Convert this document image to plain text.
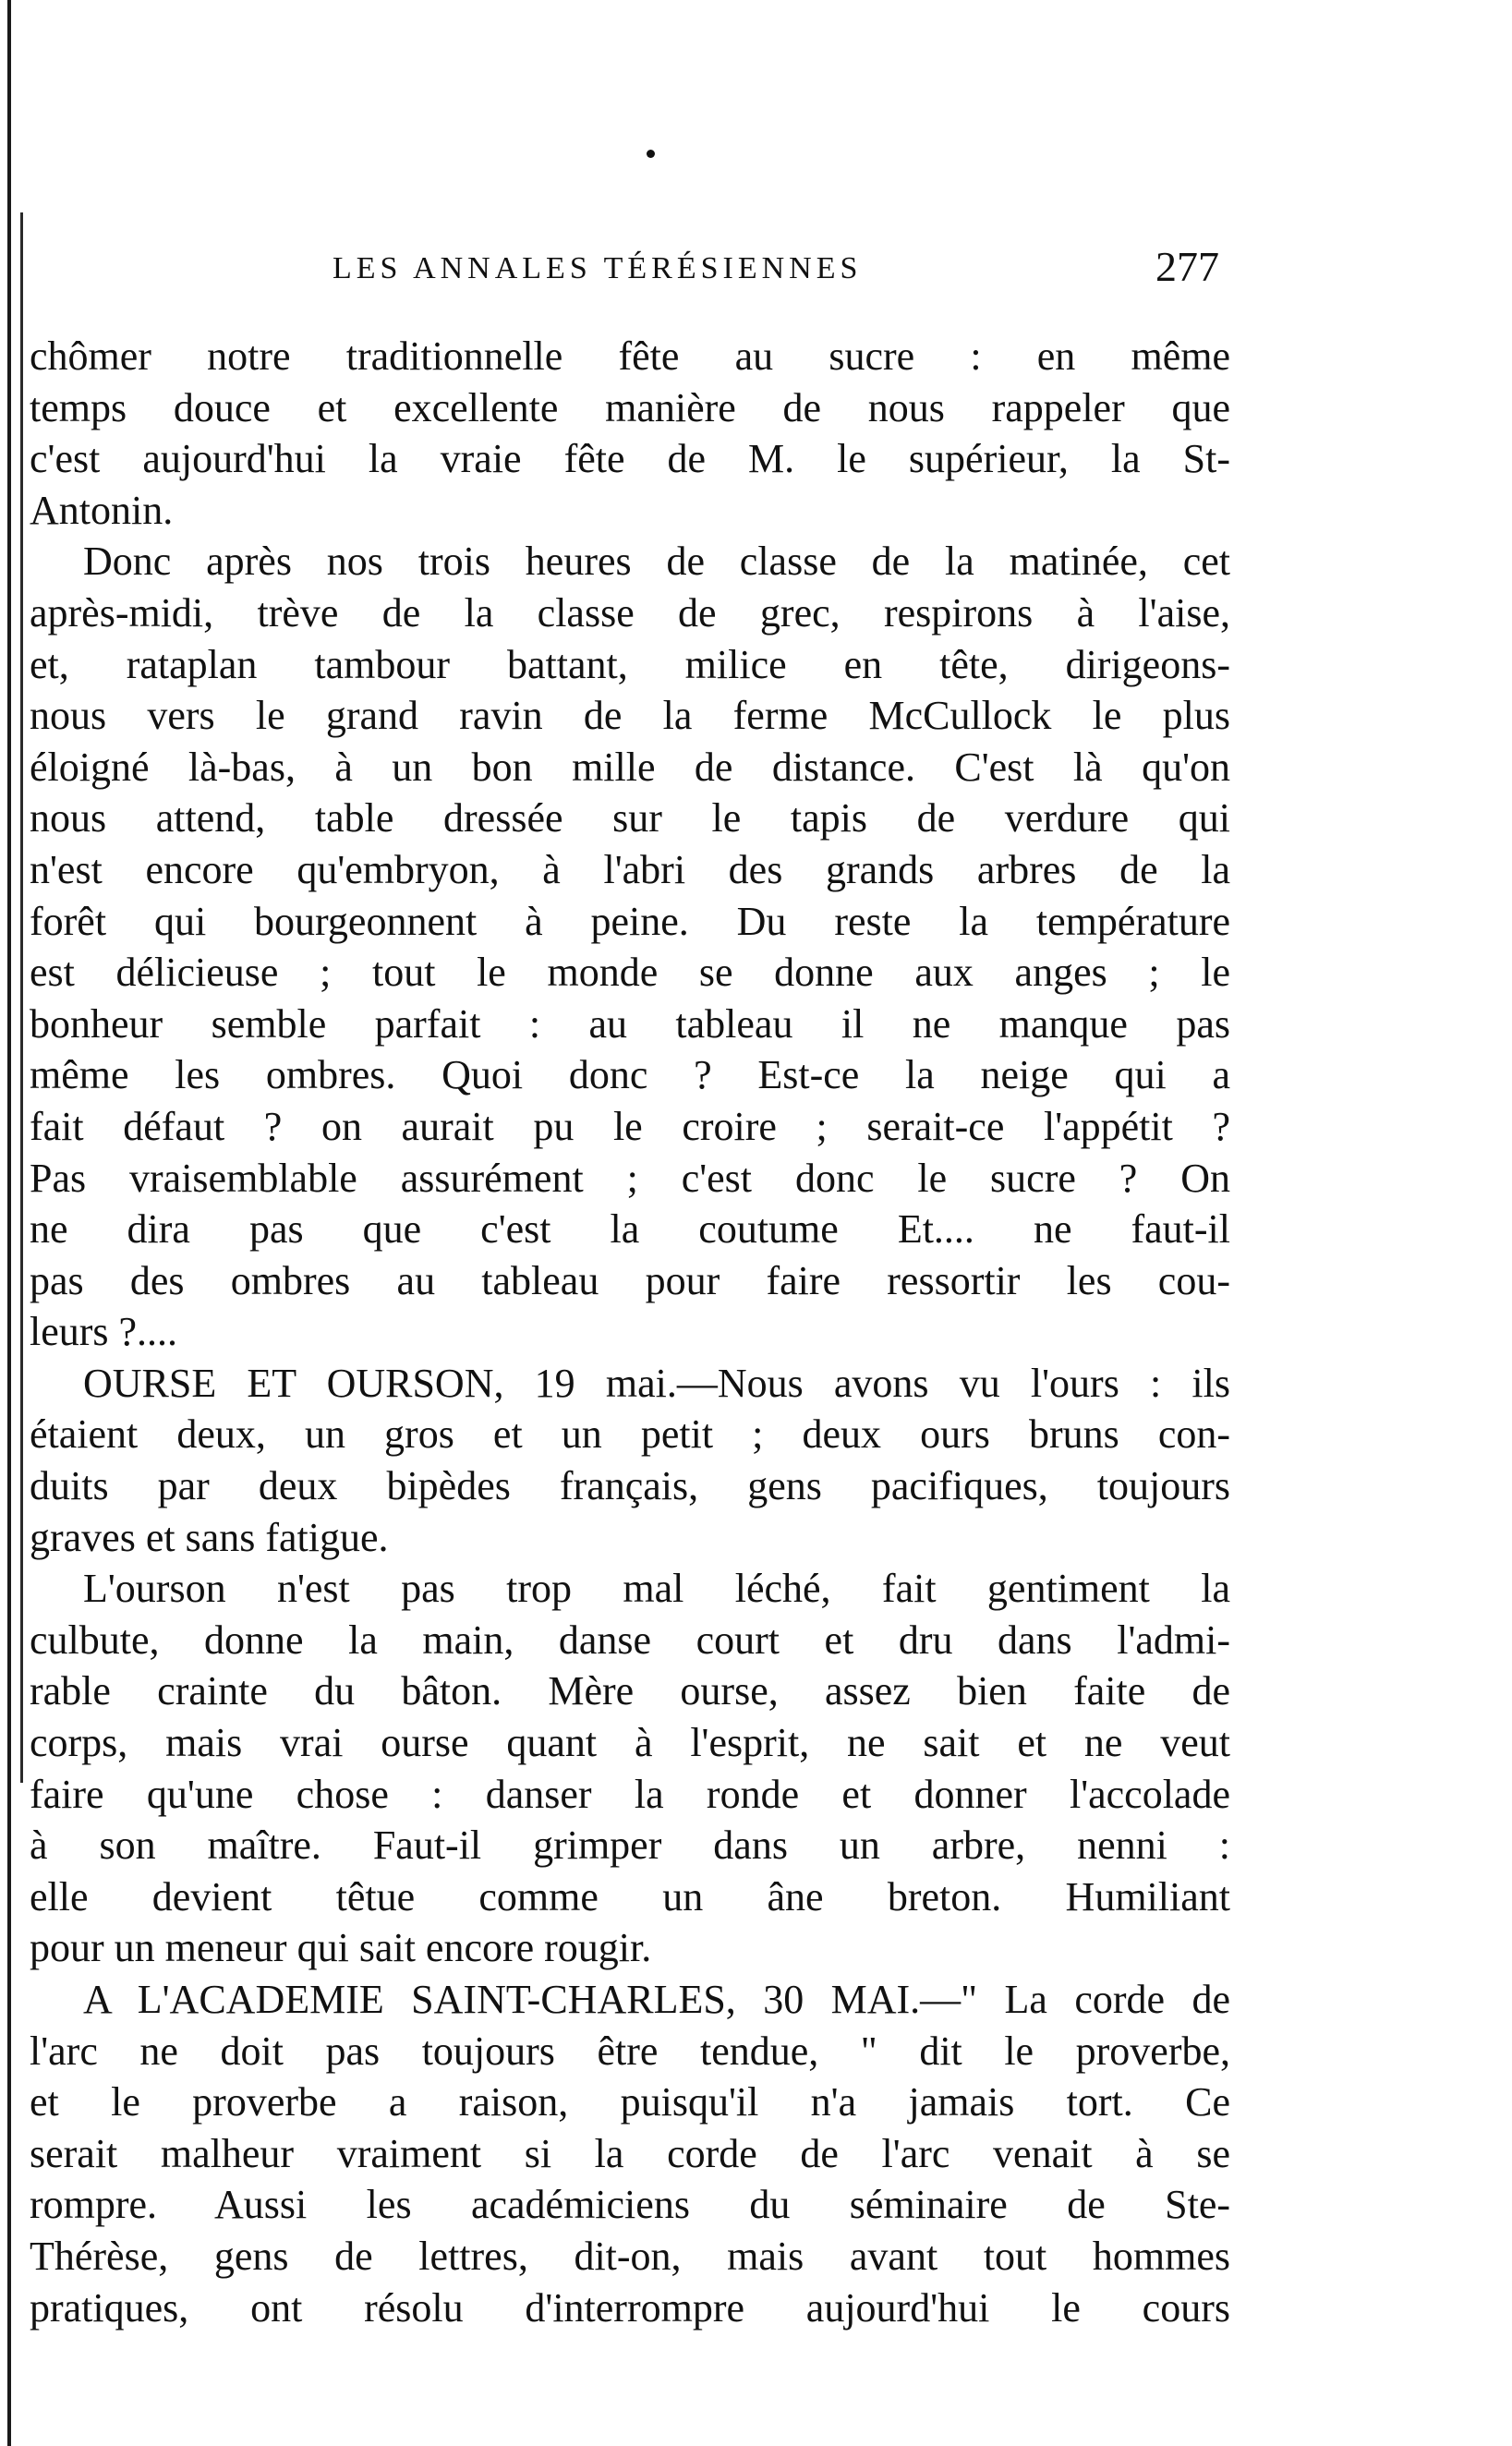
LES ANNALES TÉRÉSIENNES	277
chômer notre traditionnelle fête au sucre : en même
temps douce et excellente manière de nous rappeler que
c'est aujourd'hui la vraie fête de M. le supérieur, la St-
Antonin.
Donc après nos trois heures de classe de la matinée, cet
après-midi, trève de la classe de grec, respirons à l'aise,
et, rataplan tambour battant, milice en tête, dirigeons-
nous vers le grand ravin de la ferme McCullock le plus
éloigné là-bas, à un bon mille de distance. C'est là qu'on
nous attend, table dressée sur le tapis de verdure qui
n'est encore qu'embryon, à l'abri des grands arbres de la
forêt qui bourgeonnent à peine. Du reste la température
est délicieuse ; tout le monde se donne aux anges ; le
bonheur semble parfait : au tableau il ne manque pas
même les ombres. Quoi donc ? Est-ce la neige qui a
fait défaut ? on aurait pu le croire ; serait-ce l'appétit ?
Pas vraisemblable assurément ; c'est donc le sucre ? On
ne dira pas que c'est la coutume Et.... ne faut-il
pas des ombres au tableau pour faire ressortir les cou-
leurs ?....
OURSE ET OURSON, 19 mai.—Nous avons vu l'ours : ils
étaient deux, un gros et un petit ; deux ours bruns con-
duits par deux bipèdes français, gens pacifiques, toujours
graves et sans fatigue.
L'ourson n'est pas trop mal léché, fait gentiment la
culbute, donne la main, danse court et dru dans l'admi-
rable crainte du bâton. Mère ourse, assez bien faite de
corps, mais vrai ourse quant à l'esprit, ne sait et ne veut
faire qu'une chose : danser la ronde et donner l'accolade
à son maître. Faut-il grimper dans un arbre, nenni :
elle devient têtue comme un âne breton. Humiliant
pour un meneur qui sait encore rougir.
A L'ACADEMIE SAINT-CHARLES, 30 MAI.—" La corde de
l'arc ne doit pas toujours être tendue, " dit le proverbe,
et le proverbe a raison, puisqu'il n'a jamais tort. Ce
serait malheur vraiment si la corde de l'arc venait à se
rompre. Aussi les académiciens du séminaire de Ste-
Thérèse, gens de lettres, dit-on, mais avant tout hommes
pratiques, ont résolu d'interrompre aujourd'hui le cours
